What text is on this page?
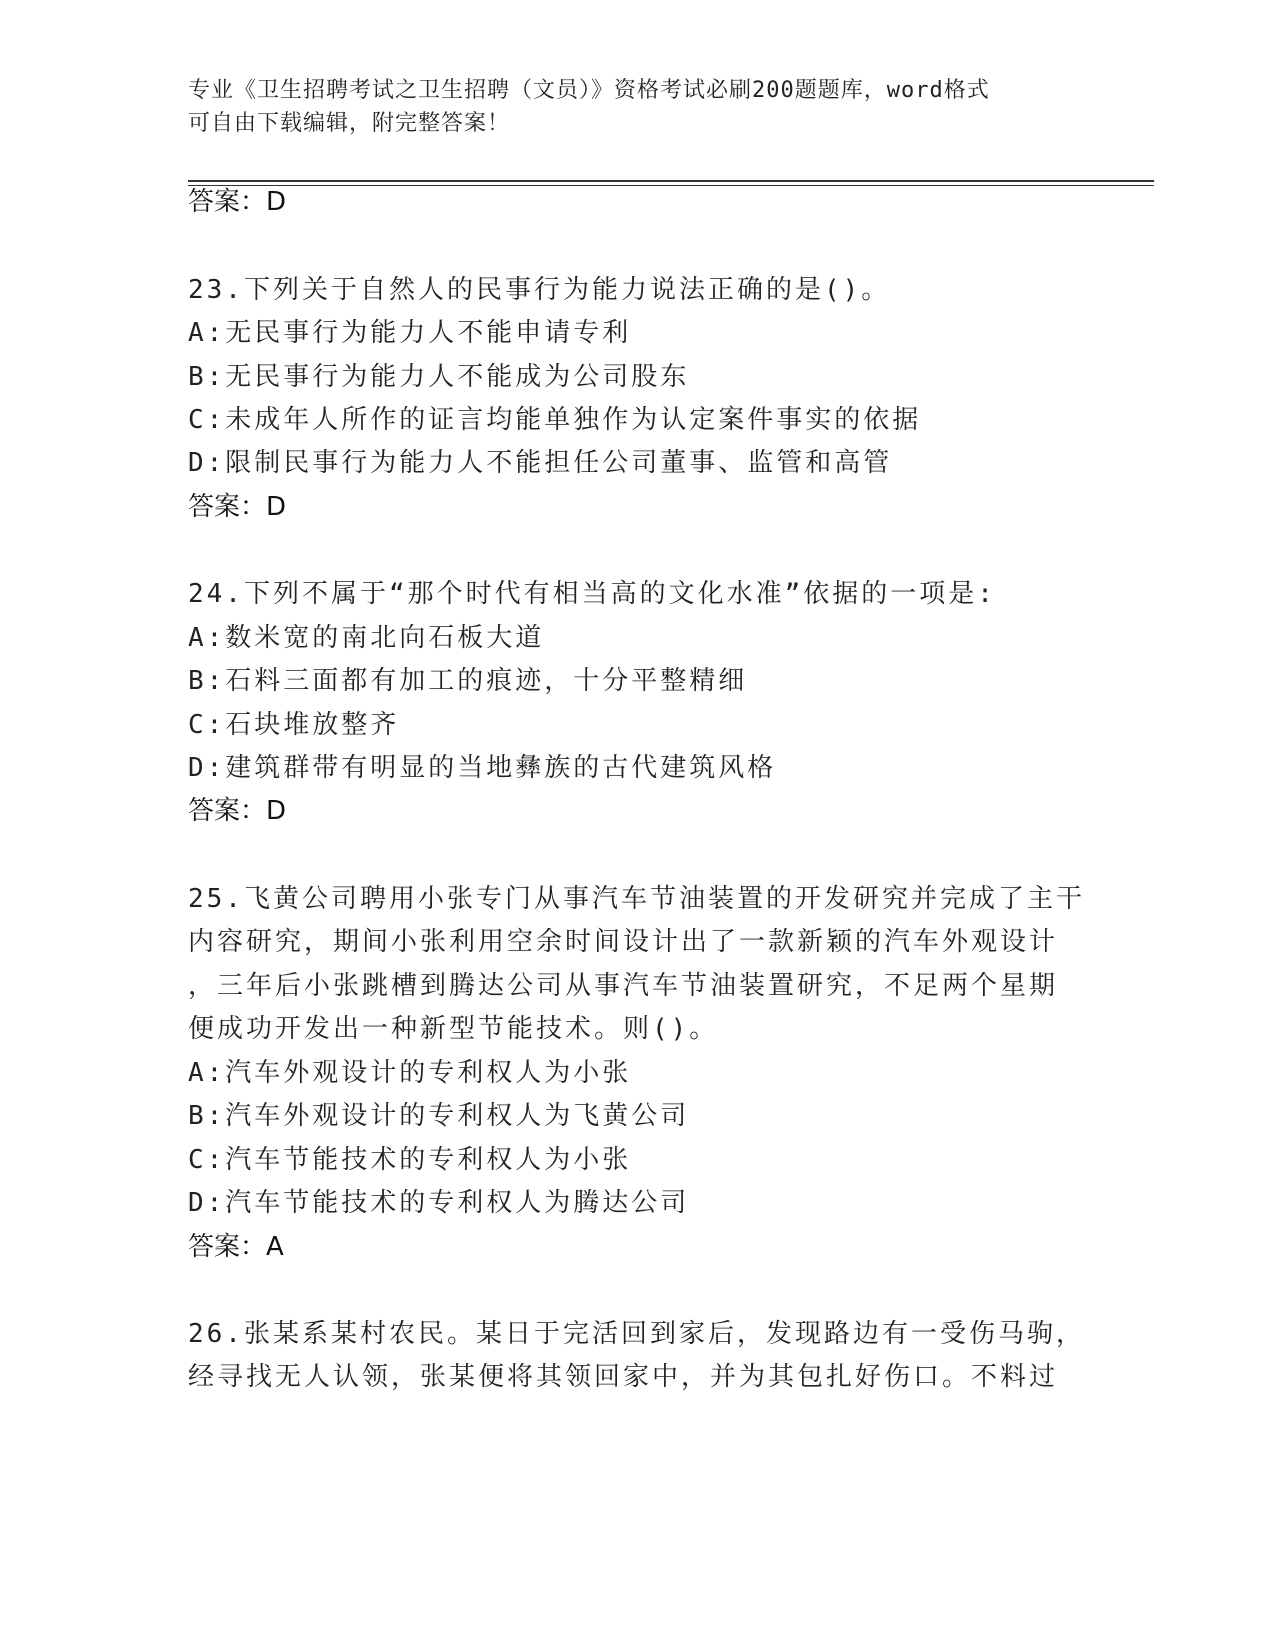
专业《卫生招聘考试之卫生招聘（文员）》资格考试必刷200题题库，word格式
可自由下载编辑，附完整答案！
答案：D
23.下列关于自然人的民事行为能力说法正确的是()。
A:无民事行为能力人不能申请专利
B:无民事行为能力人不能成为公司股东
C:未成年人所作的证言均能单独作为认定案件事实的依据
D:限制民事行为能力人不能担任公司董事、监管和高管
答案：D
24.下列不属于“那个时代有相当高的文化水准”依据的一项是:
A:数米宽的南北向石板大道
B:石料三面都有加工的痕迹，十分平整精细
C:石块堆放整齐
D:建筑群带有明显的当地彝族的古代建筑风格
答案：D
25.飞黄公司聘用小张专门从事汽车节油装置的开发研究并完成了主干
内容研究，期间小张利用空余时间设计出了一款新颖的汽车外观设计
，三年后小张跳槽到腾达公司从事汽车节油装置研究，不足两个星期
便成功开发出一种新型节能技术。则()。
A:汽车外观设计的专利权人为小张
B:汽车外观设计的专利权人为飞黄公司
C:汽车节能技术的专利权人为小张
D:汽车节能技术的专利权人为腾达公司
答案：A
26.张某系某村农民。某日于完活回到家后，发现路边有一受伤马驹，
经寻找无人认领，张某便将其领回家中，并为其包扎好伤口。不料过
